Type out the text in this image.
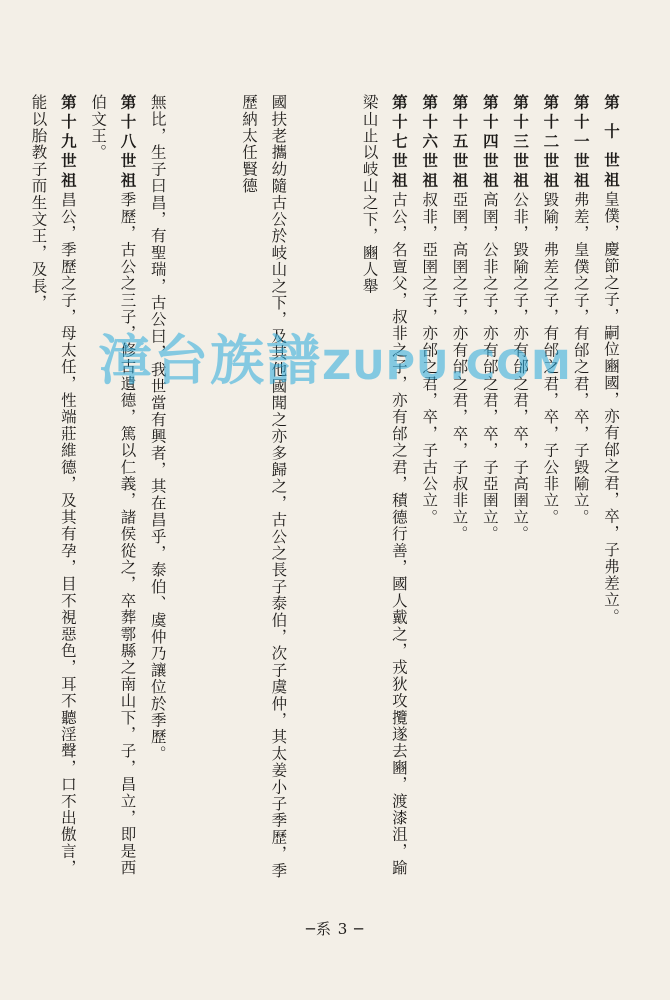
第 十 世祖皇僕，慶節之子，嗣位豳國，亦有邰之君，卒，子弗差立。
第十一世祖弗差，皇僕之子，有邰之君，卒，子毀隃立。
第十二世祖毀隃，弗差之子，有邰之君，卒，子公非立。
第十三世祖公非，毀隃之子，亦有邰之君，卒，子高圉立。
第十四世祖高圉，公非之子，亦有邰之君，卒，子亞圉立。
第十五世祖亞圉，高圉之子，亦有邰之君，卒，子叔非立。
第十六世祖叔非，亞圉之子，亦邰之君，卒，子古公立。
第十七世祖古公，名亶父，叔非之子，亦有邰之君，積德行善，國人戴之，戎狄攻攬遂去豳，渡漆沮，踰梁山止以岐山之下，豳人舉
國扶老攜幼隨古公於岐山之下，及其他國聞之亦多歸之，古公之長子泰伯，次子虞仲，其太姜小子季歷，季歷納太任賢德
無比，生子曰昌，有聖瑞，古公曰，我世當有興者，其在昌乎，泰伯、虞仲乃讓位於季歷。
第十八世祖季歷，古公之三子，修古遺德，篤以仁義，諸侯從之，卒葬鄠縣之南山下，子，昌立，即是西伯文王。
第十九世祖昌公，季歷之子，母太任，性端莊維德，及其有孕，目不視惡色，耳不聽淫聲，口不出傲言，能以胎教子而生文王，及長，
漳台族譜ZUPU.COM
─系 3 ─
